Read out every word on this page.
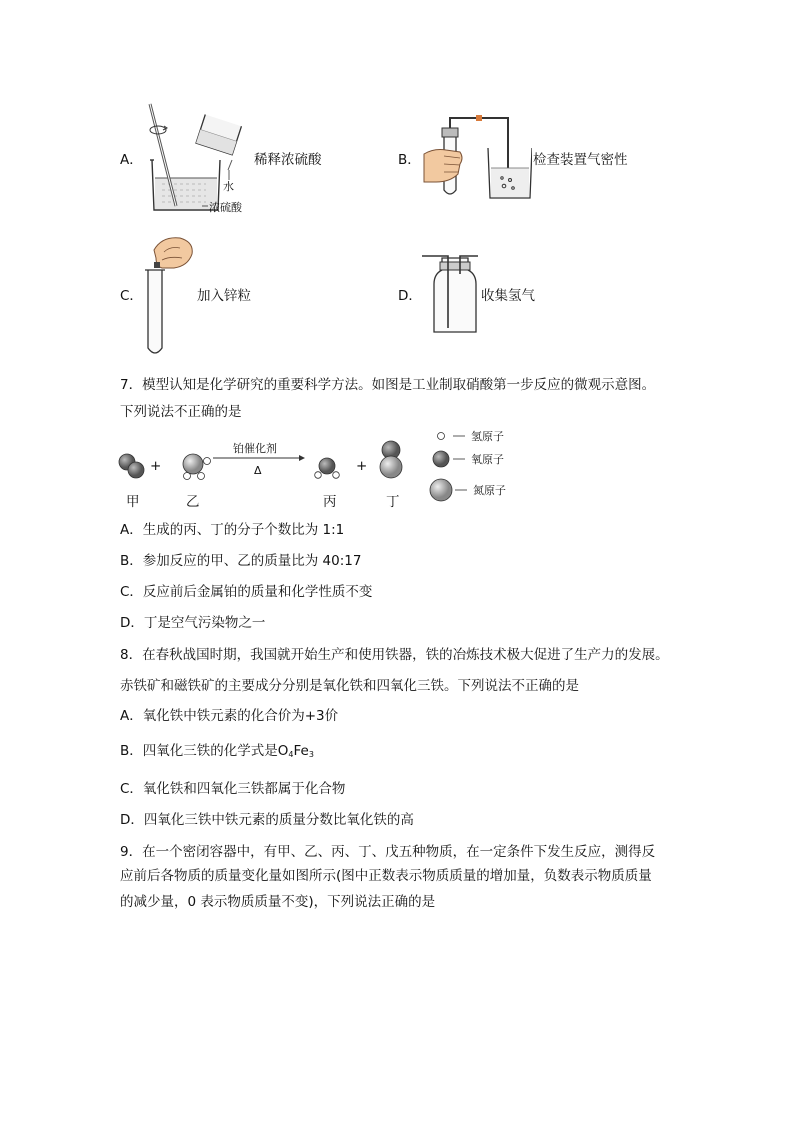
A．
水
浓硫酸
稀释浓硫酸	B．	检查装置气密性
C．	加入锌粒	D．	收集氢气
7．模型认知是化学研究的重要科学方法。如图是工业制取硝酸第一步反应的微观示意图。
下列说法不正确的是
+	+
铂催化剂
Δ
甲	乙	丙	丁
氢原子
氧原子
氮原子
A．生成的丙、丁的分子个数比为 1:1
B．参加反应的甲、乙的质量比为 40:17
C．反应前后金属铂的质量和化学性质不变
D．丁是空气污染物之一
8．在春秋战国时期，我国就开始生产和使用铁器，铁的冶炼技术极大促进了生产力的发展。
赤铁矿和磁铁矿的主要成分分别是氧化铁和四氧化三铁。下列说法不正确的是
A．氧化铁中铁元素的化合价为+3价
B．四氧化三铁的化学式是$O_4Fe_3$
C．氧化铁和四氧化三铁都属于化合物
D．四氧化三铁中铁元素的质量分数比氧化铁的高
9．在一个密闭容器中，有甲、乙、丙、丁、戊五种物质，在一定条件下发生反应，测得反
应前后各物质的质量变化量如图所示(图中正数表示物质质量的增加量，负数表示物质质量
的减少量，0 表示物质质量不变)，下列说法正确的是
